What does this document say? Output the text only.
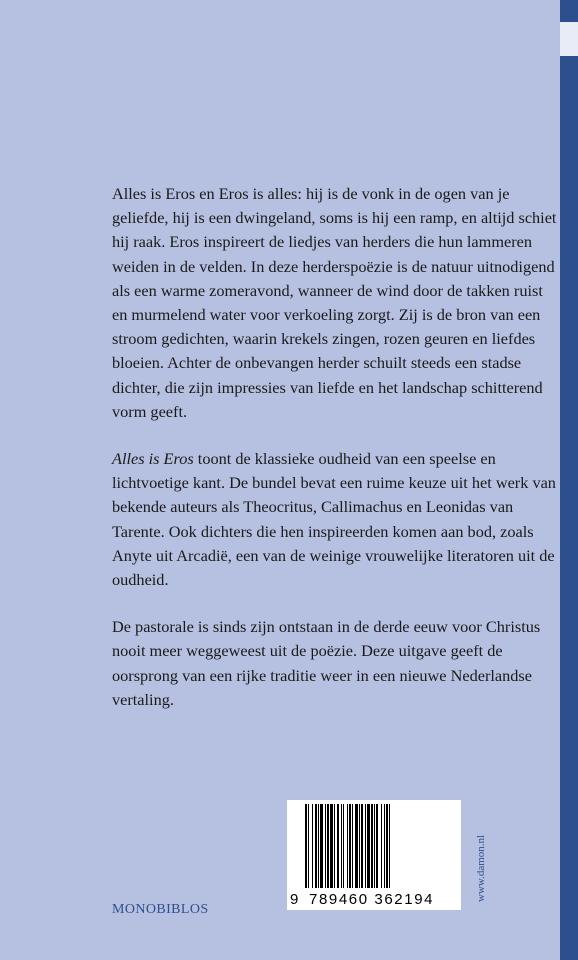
Alles is Eros en Eros is alles: hij is de vonk in de ogen van je geliefde, hij is een dwingeland, soms is hij een ramp, en altijd schiet hij raak. Eros inspireert de liedjes van herders die hun lammeren weiden in de velden. In deze herderspoëzie is de natuur uitnodigend als een warme zomeravond, wanneer de wind door de takken ruist en murmelend water voor verkoeling zorgt. Zij is de bron van een stroom gedichten, waarin krekels zingen, rozen geuren en liefdes bloeien. Achter de onbevangen herder schuilt steeds een stadse dichter, die zijn impressies van liefde en het landschap schitterend vorm geeft.

Alles is Eros toont de klassieke oudheid van een speelse en lichtvoetige kant. De bundel bevat een ruime keuze uit het werk van bekende auteurs als Theocritus, Callimachus en Leonidas van Tarente. Ook dichters die hen inspireerden komen aan bod, zoals Anyte uit Arcadië, een van de weinige vrouwelijke literatoren uit de oudheid.

De pastorale is sinds zijn ontstaan in de derde eeuw voor Christus nooit meer weggeweest uit de poëzie. Deze uitgave geeft de oorsprong van een rijke traditie weer in een nieuwe Nederlandse vertaling.

MONOBIBLOS
9 789460 362194	www.damon.nl
